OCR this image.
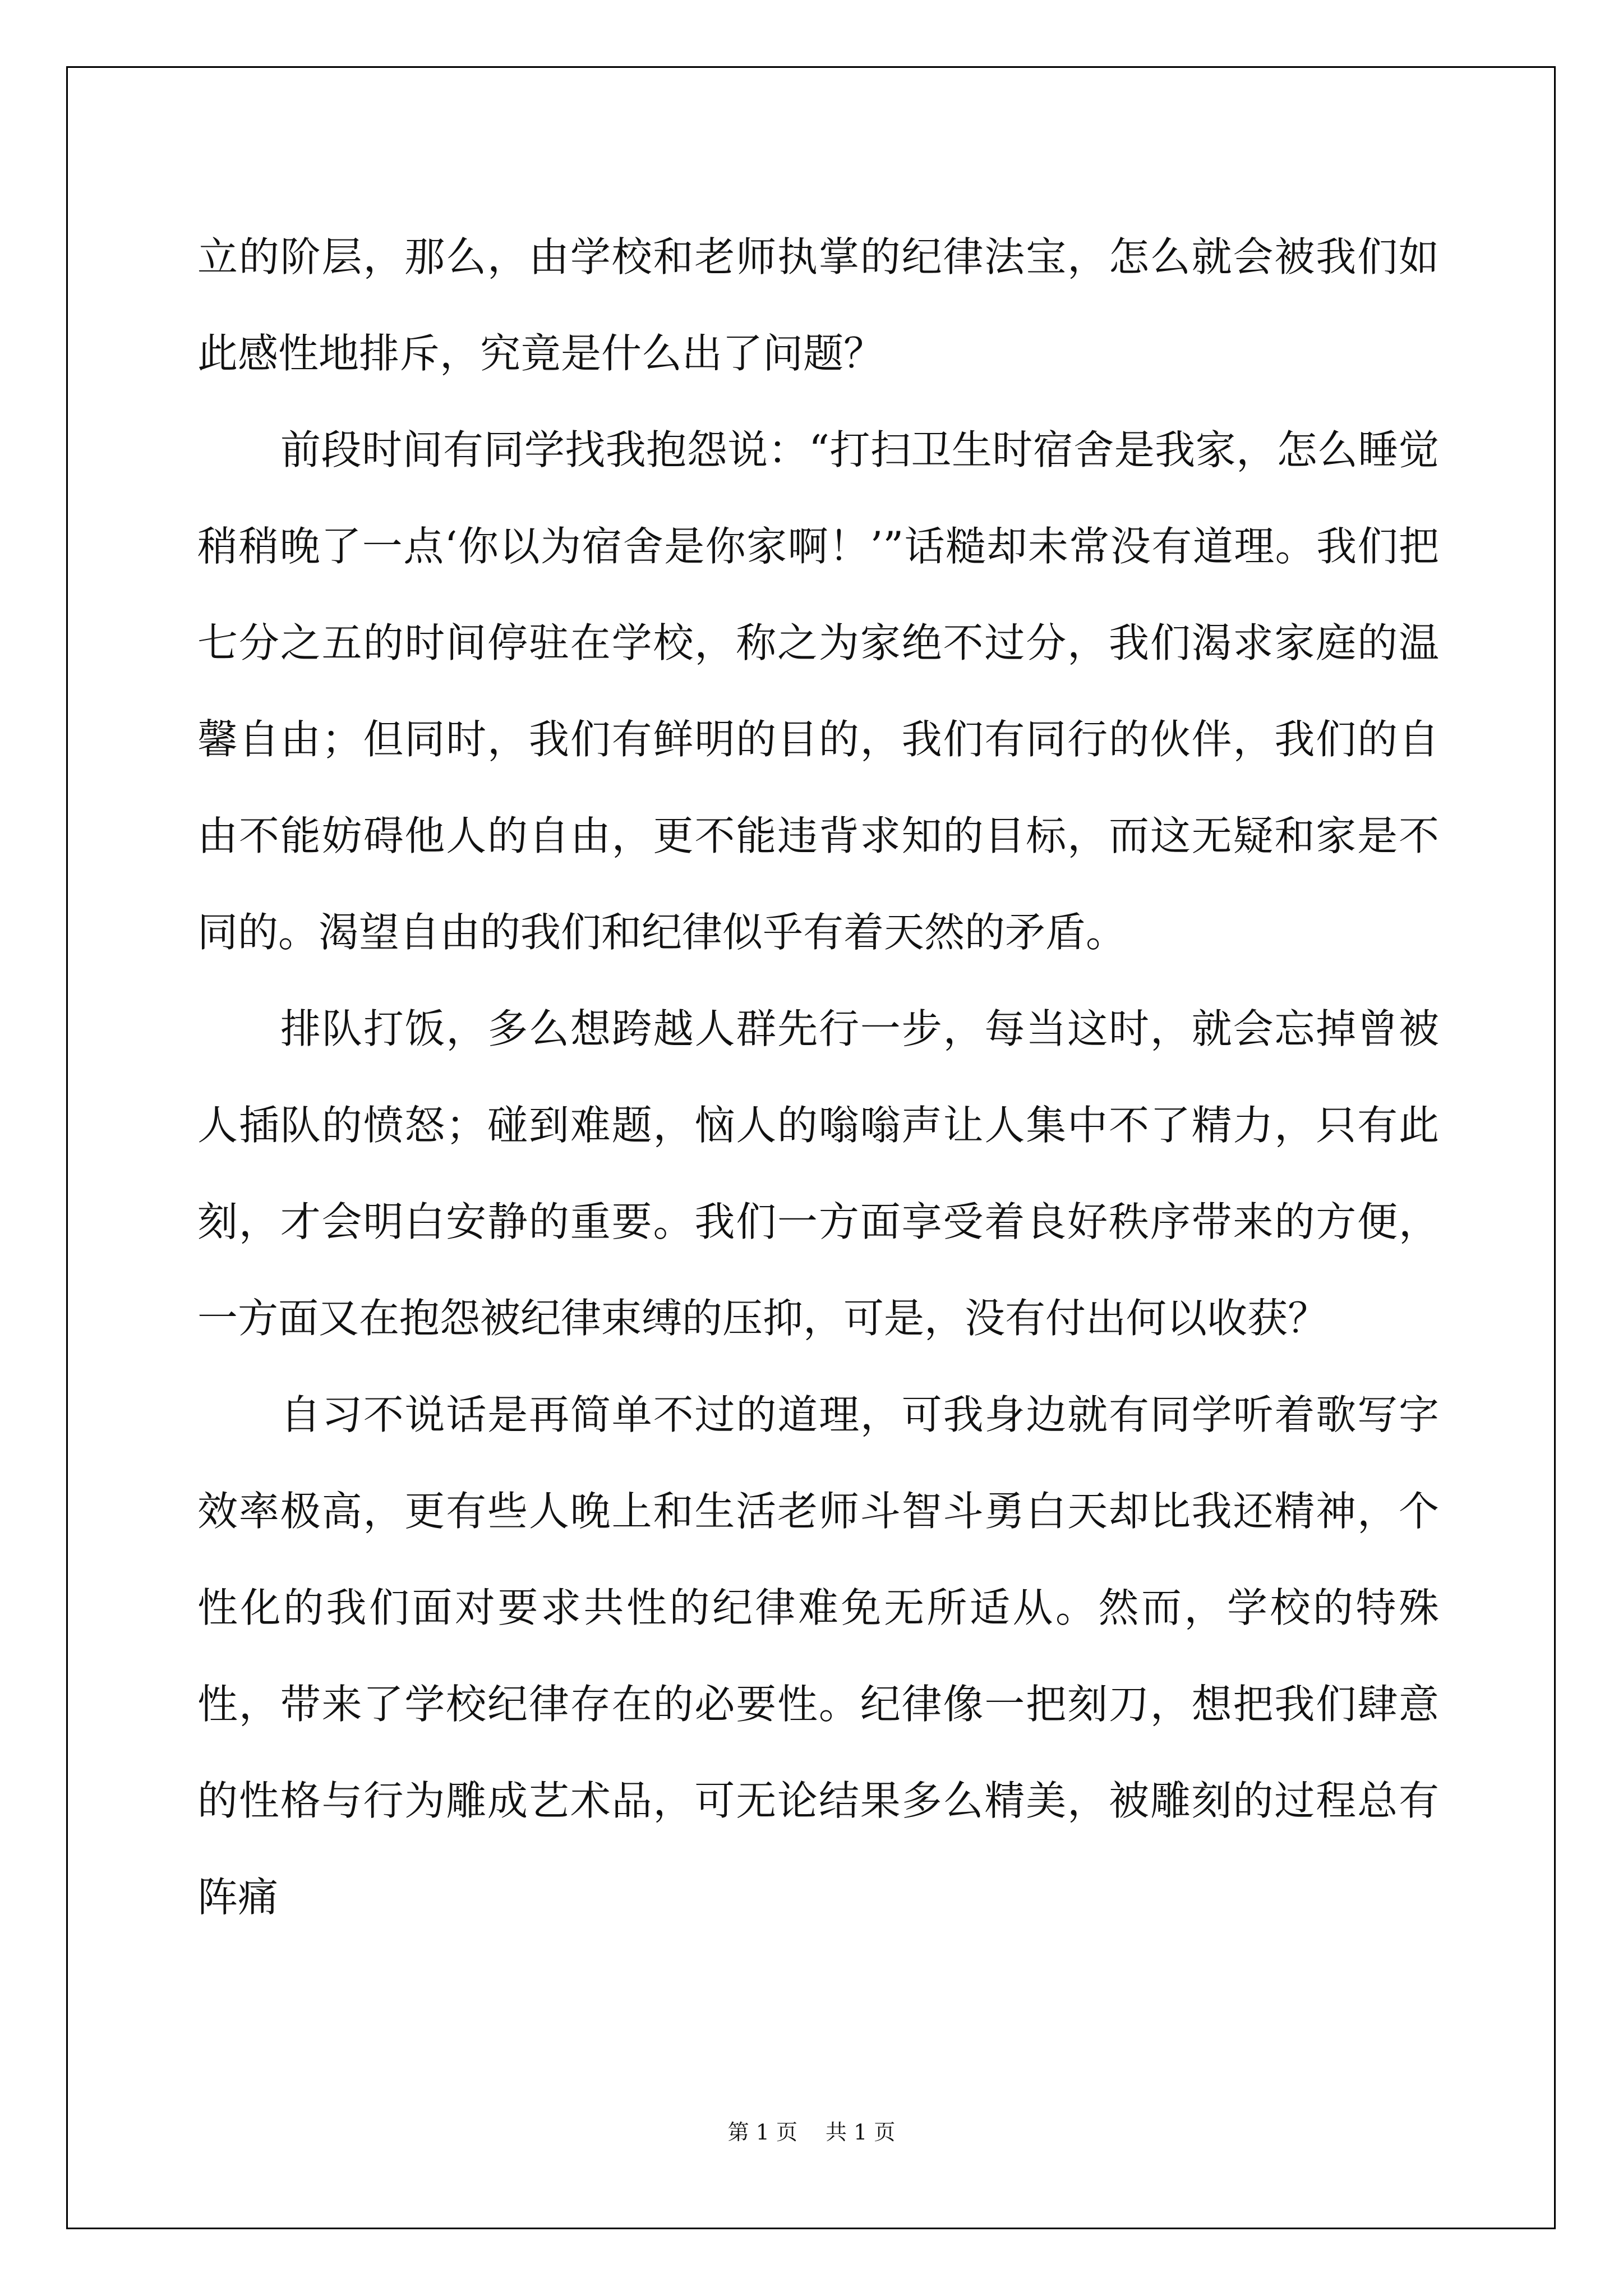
立的阶层，那么，由学校和老师执掌的纪律法宝，怎么就会被我们如此感性地排斥，究竟是什么出了问题？

前段时间有同学找我抱怨说：“打扫卫生时宿舍是我家，怎么睡觉稍稍晚了一点‘你以为宿舍是你家啊！’”话糙却未常没有道理。我们把七分之五的时间停驻在学校，称之为家绝不过分，我们渴求家庭的温馨自由；但同时，我们有鲜明的目的，我们有同行的伙伴，我们的自由不能妨碍他人的自由，更不能违背求知的目标，而这无疑和家是不同的。渴望自由的我们和纪律似乎有着天然的矛盾。

排队打饭，多么想跨越人群先行一步，每当这时，就会忘掉曾被人插队的愤怒；碰到难题，恼人的嗡嗡声让人集中不了精力，只有此刻，才会明白安静的重要。我们一方面享受着良好秩序带来的方便，一方面又在抱怨被纪律束缚的压抑，可是，没有付出何以收获？

自习不说话是再简单不过的道理，可我身边就有同学听着歌写字效率极高，更有些人晚上和生活老师斗智斗勇白天却比我还精神，个性化的我们面对要求共性的纪律难免无所适从。然而，学校的特殊性，带来了学校纪律存在的必要性。纪律像一把刻刀，想把我们肆意的性格与行为雕成艺术品，可无论结果多么精美，被雕刻的过程总有阵痛

第 1 页　 共 1 页
